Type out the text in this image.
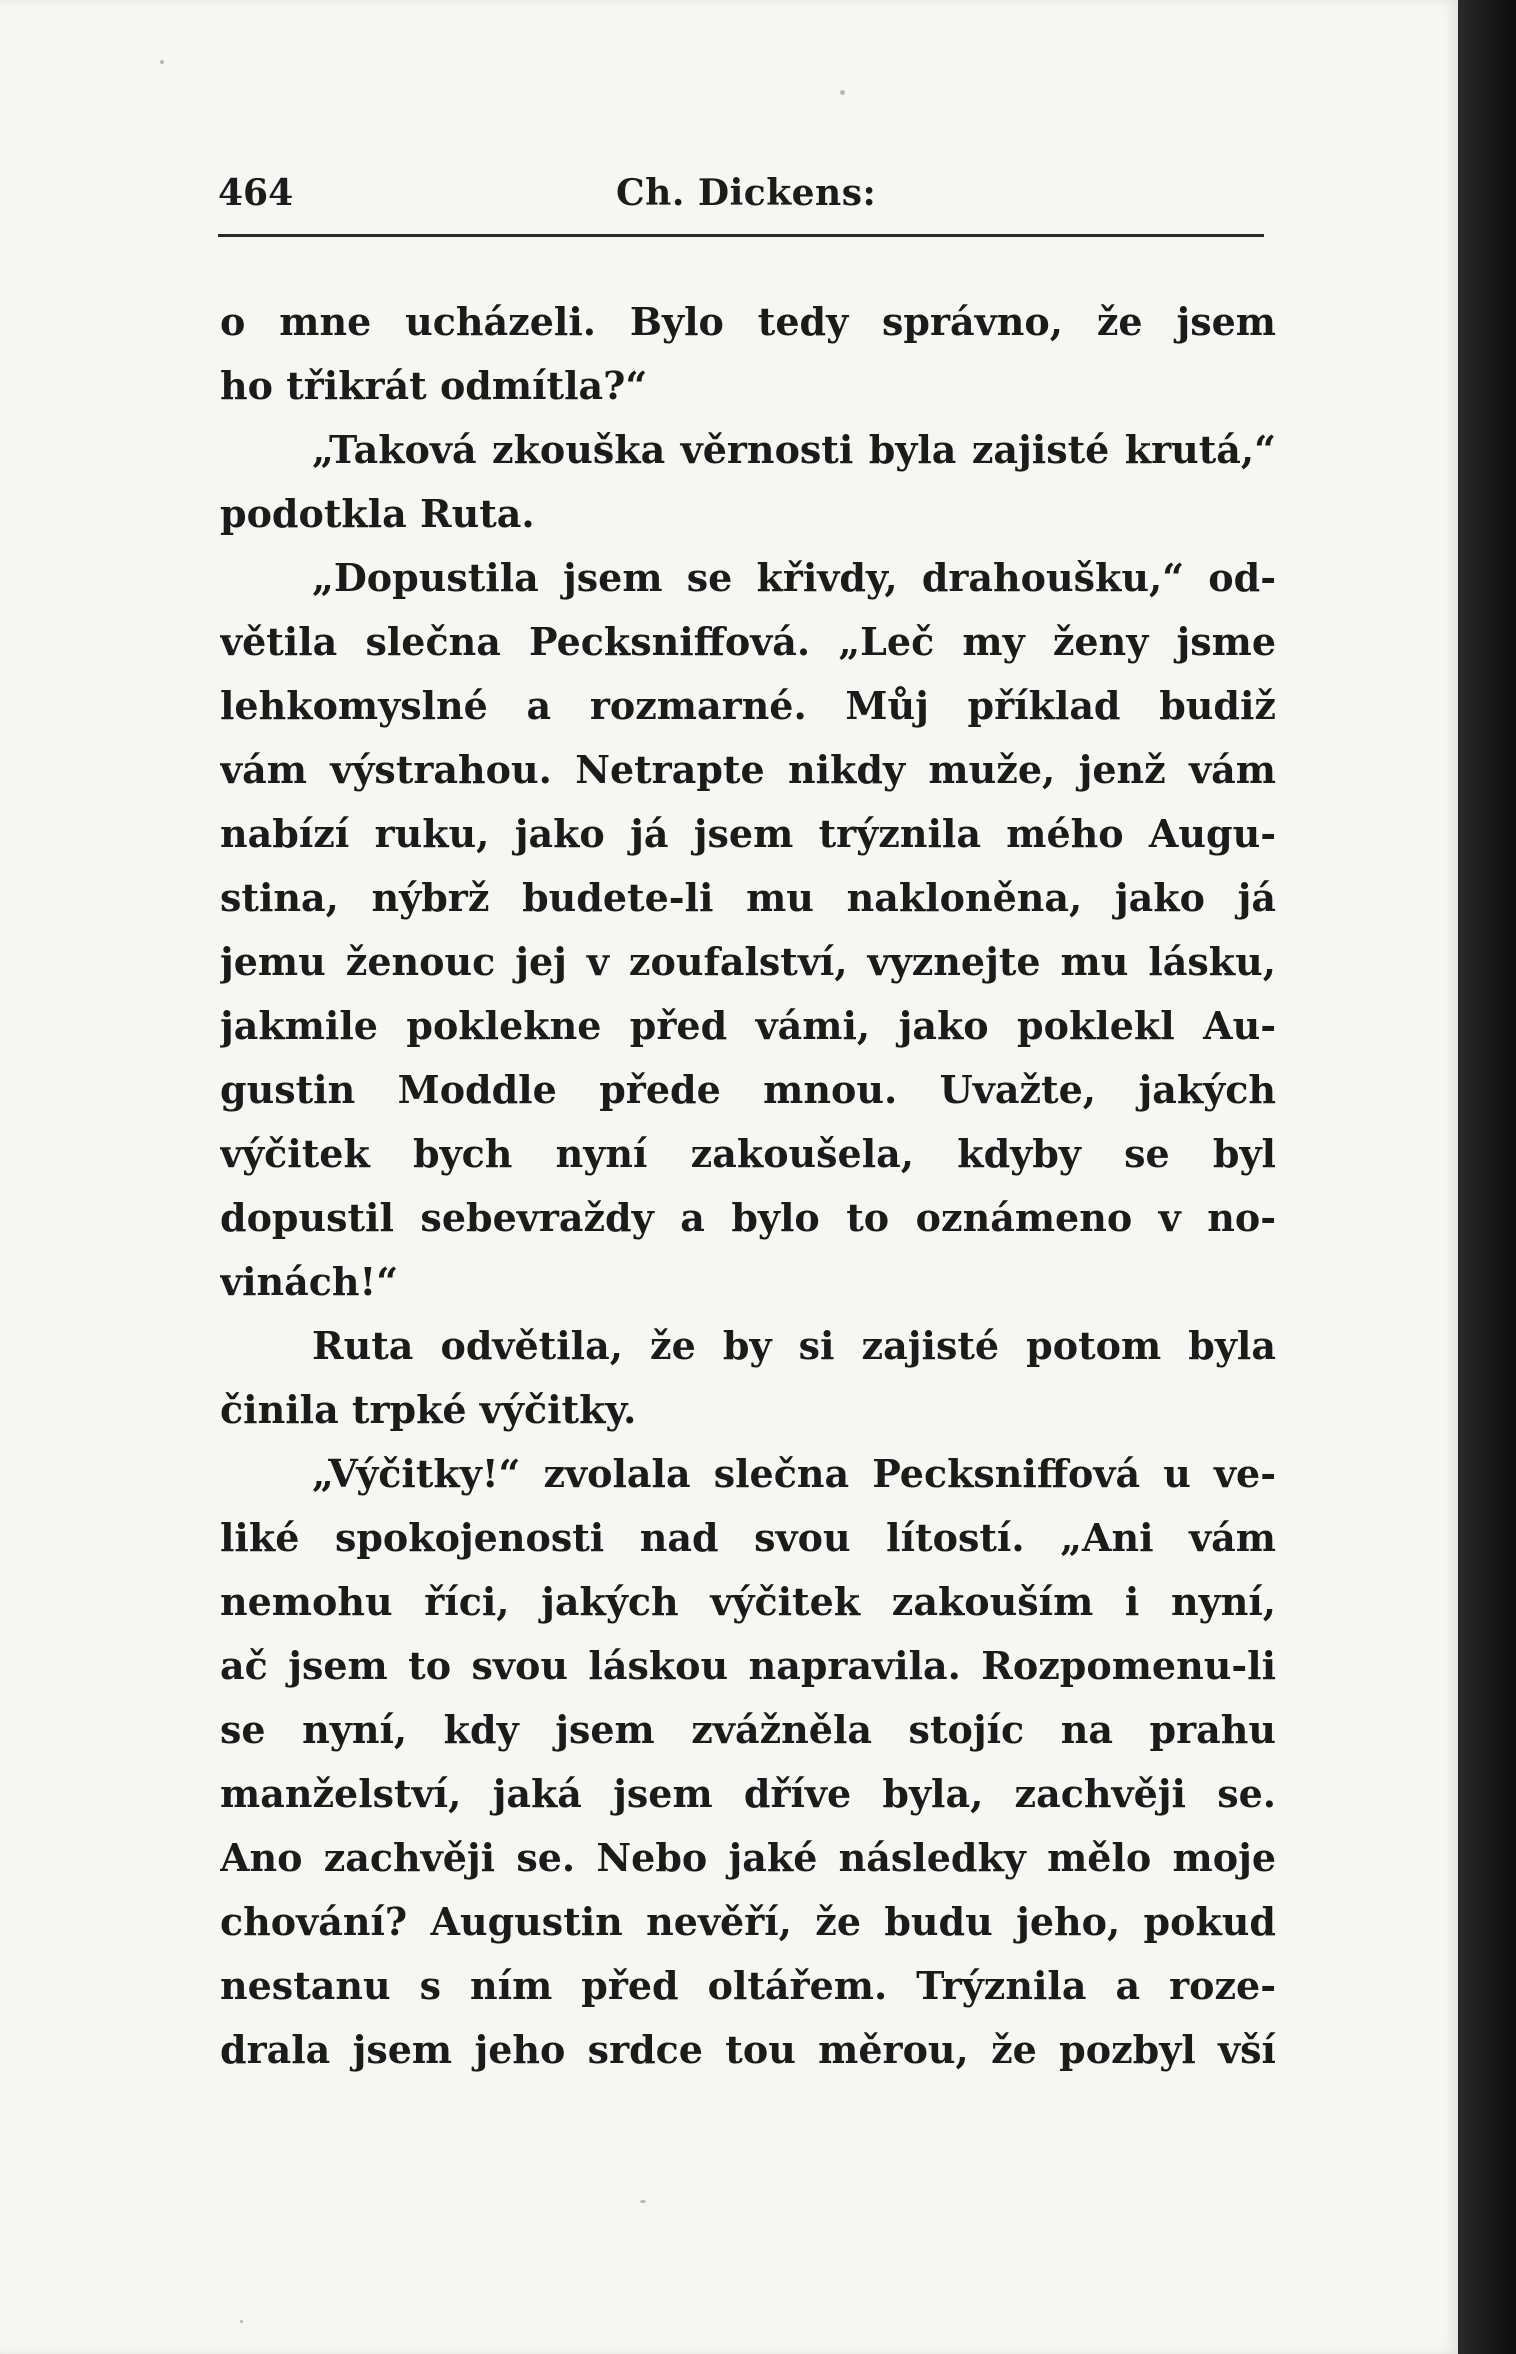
464	Ch. Dickens:
o mne ucházeli. Bylo tedy správno, že jsem
ho třikrát odmítla?“
„Taková zkouška věrnosti byla zajisté krutá,“
podotkla Ruta.
„Dopustila jsem se křivdy, drahoušku,“ od-
větila slečna Pecksniffová. „Leč my ženy jsme
lehkomyslné a rozmarné. Můj příklad budiž
vám výstrahou. Netrapte nikdy muže, jenž vám
nabízí ruku, jako já jsem trýznila mého Augu-
stina, nýbrž budete-li mu nakloněna, jako já
jemu ženouc jej v zoufalství, vyznejte mu lásku,
jakmile poklekne před vámi, jako poklekl Au-
gustin Moddle přede mnou. Uvažte, jakých
výčitek bych nyní zakoušela, kdyby se byl
dopustil sebevraždy a bylo to oznámeno v no-
vinách!“
Ruta odvětila, že by si zajisté potom byla
činila trpké výčitky.
„Výčitky!“ zvolala slečna Pecksniffová u ve-
liké spokojenosti nad svou lítostí. „Ani vám
nemohu říci, jakých výčitek zakouším i nyní,
ač jsem to svou láskou napravila. Rozpomenu-li
se nyní, kdy jsem zvážněla stojíc na prahu
manželství, jaká jsem dříve byla, zachvěji se.
Ano zachvěji se. Nebo jaké následky mělo moje
chování? Augustin nevěří, že budu jeho, pokud
nestanu s ním před oltářem. Trýznila a roze-
drala jsem jeho srdce tou měrou, že pozbyl vší
